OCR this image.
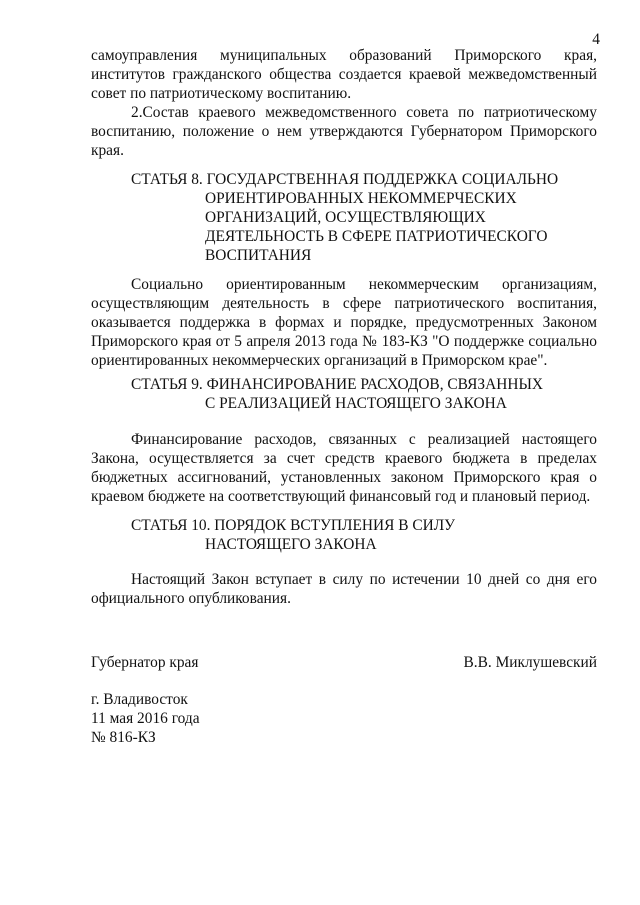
4

самоуправления муниципальных образований Приморского края, институтов гражданского общества создается краевой межведомственный совет по патриотическому воспитанию.

2.Состав краевого межведомственного совета по патриотическому воспитанию, положение о нем утверждаются Губернатором Приморского края.

СТАТЬЯ 8. ГОСУДАРСТВЕННАЯ ПОДДЕРЖКА СОЦИАЛЬНО
ОРИЕНТИРОВАННЫХ НЕКОММЕРЧЕСКИХ
ОРГАНИЗАЦИЙ, ОСУЩЕСТВЛЯЮЩИХ
ДЕЯТЕЛЬНОСТЬ В СФЕРЕ ПАТРИОТИЧЕСКОГО
ВОСПИТАНИЯ

Социально ориентированным некоммерческим организациям, осуществляющим деятельность в сфере патриотического воспитания, оказывается поддержка в формах и порядке, предусмотренных Законом Приморского края от 5 апреля 2013 года № 183-КЗ "О поддержке социально ориентированных некоммерческих организаций в Приморском крае".

СТАТЬЯ 9. ФИНАНСИРОВАНИЕ РАСХОДОВ, СВЯЗАННЫХ
С РЕАЛИЗАЦИЕЙ НАСТОЯЩЕГО ЗАКОНА

Финансирование расходов, связанных с реализацией настоящего Закона, осуществляется за счет средств краевого бюджета в пределах бюджетных ассигнований, установленных законом Приморского края о краевом бюджете на соответствующий финансовый год и плановый период.

СТАТЬЯ 10. ПОРЯДОК ВСТУПЛЕНИЯ В СИЛУ
НАСТОЯЩЕГО ЗАКОНА

Настоящий Закон вступает в силу по истечении 10 дней со дня его официального опубликования.

Губернатор края	В.В. Миклушевский
г. Владивосток
11 мая 2016 года
№ 816-КЗ
